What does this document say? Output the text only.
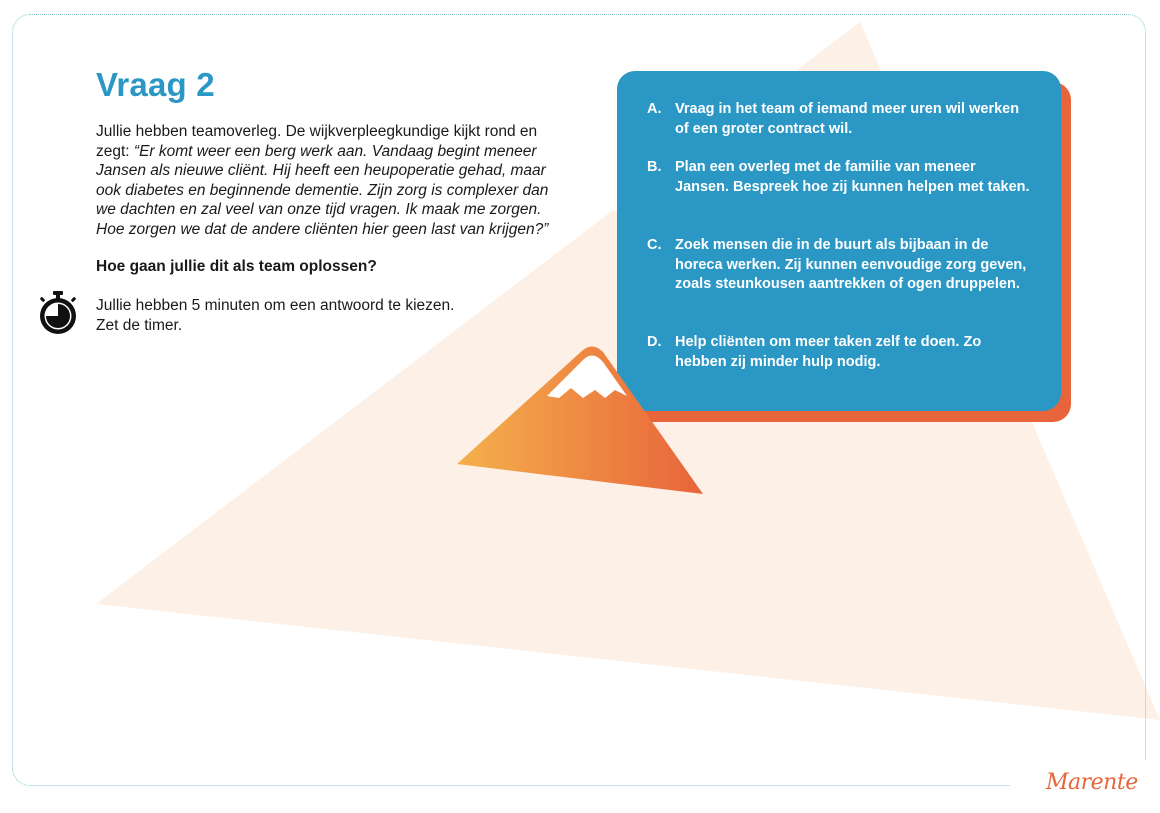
Vraag 2

Jullie hebben teamoverleg. De wijkverpleegkundige kijkt rond en zegt: “Er komt weer een berg werk aan. Vandaag begint meneer Jansen als nieuwe cliënt. Hij heeft een heupoperatie gehad, maar ook diabetes en beginnende dementie. Zijn zorg is complexer dan we dachten en zal veel van onze tijd vragen. Ik maak me zorgen. Hoe zorgen we dat de andere cliënten hier geen last van krijgen?”

Hoe gaan jullie dit als team oplossen?

Jullie hebben 5 minuten om een antwoord te kiezen.
Zet de timer.

A. Vraag in het team of iemand meer uren wil werken of een groter contract wil.
B. Plan een overleg met de familie van meneer Jansen. Bespreek hoe zij kunnen helpen met taken.
C. Zoek mensen die in de buurt als bijbaan in de horeca werken. Zij kunnen eenvoudige zorg geven, zoals steunkousen aantrekken of ogen druppelen.
D. Help cliënten om meer taken zelf te doen. Zo hebben zij minder hulp nodig.
Marente
